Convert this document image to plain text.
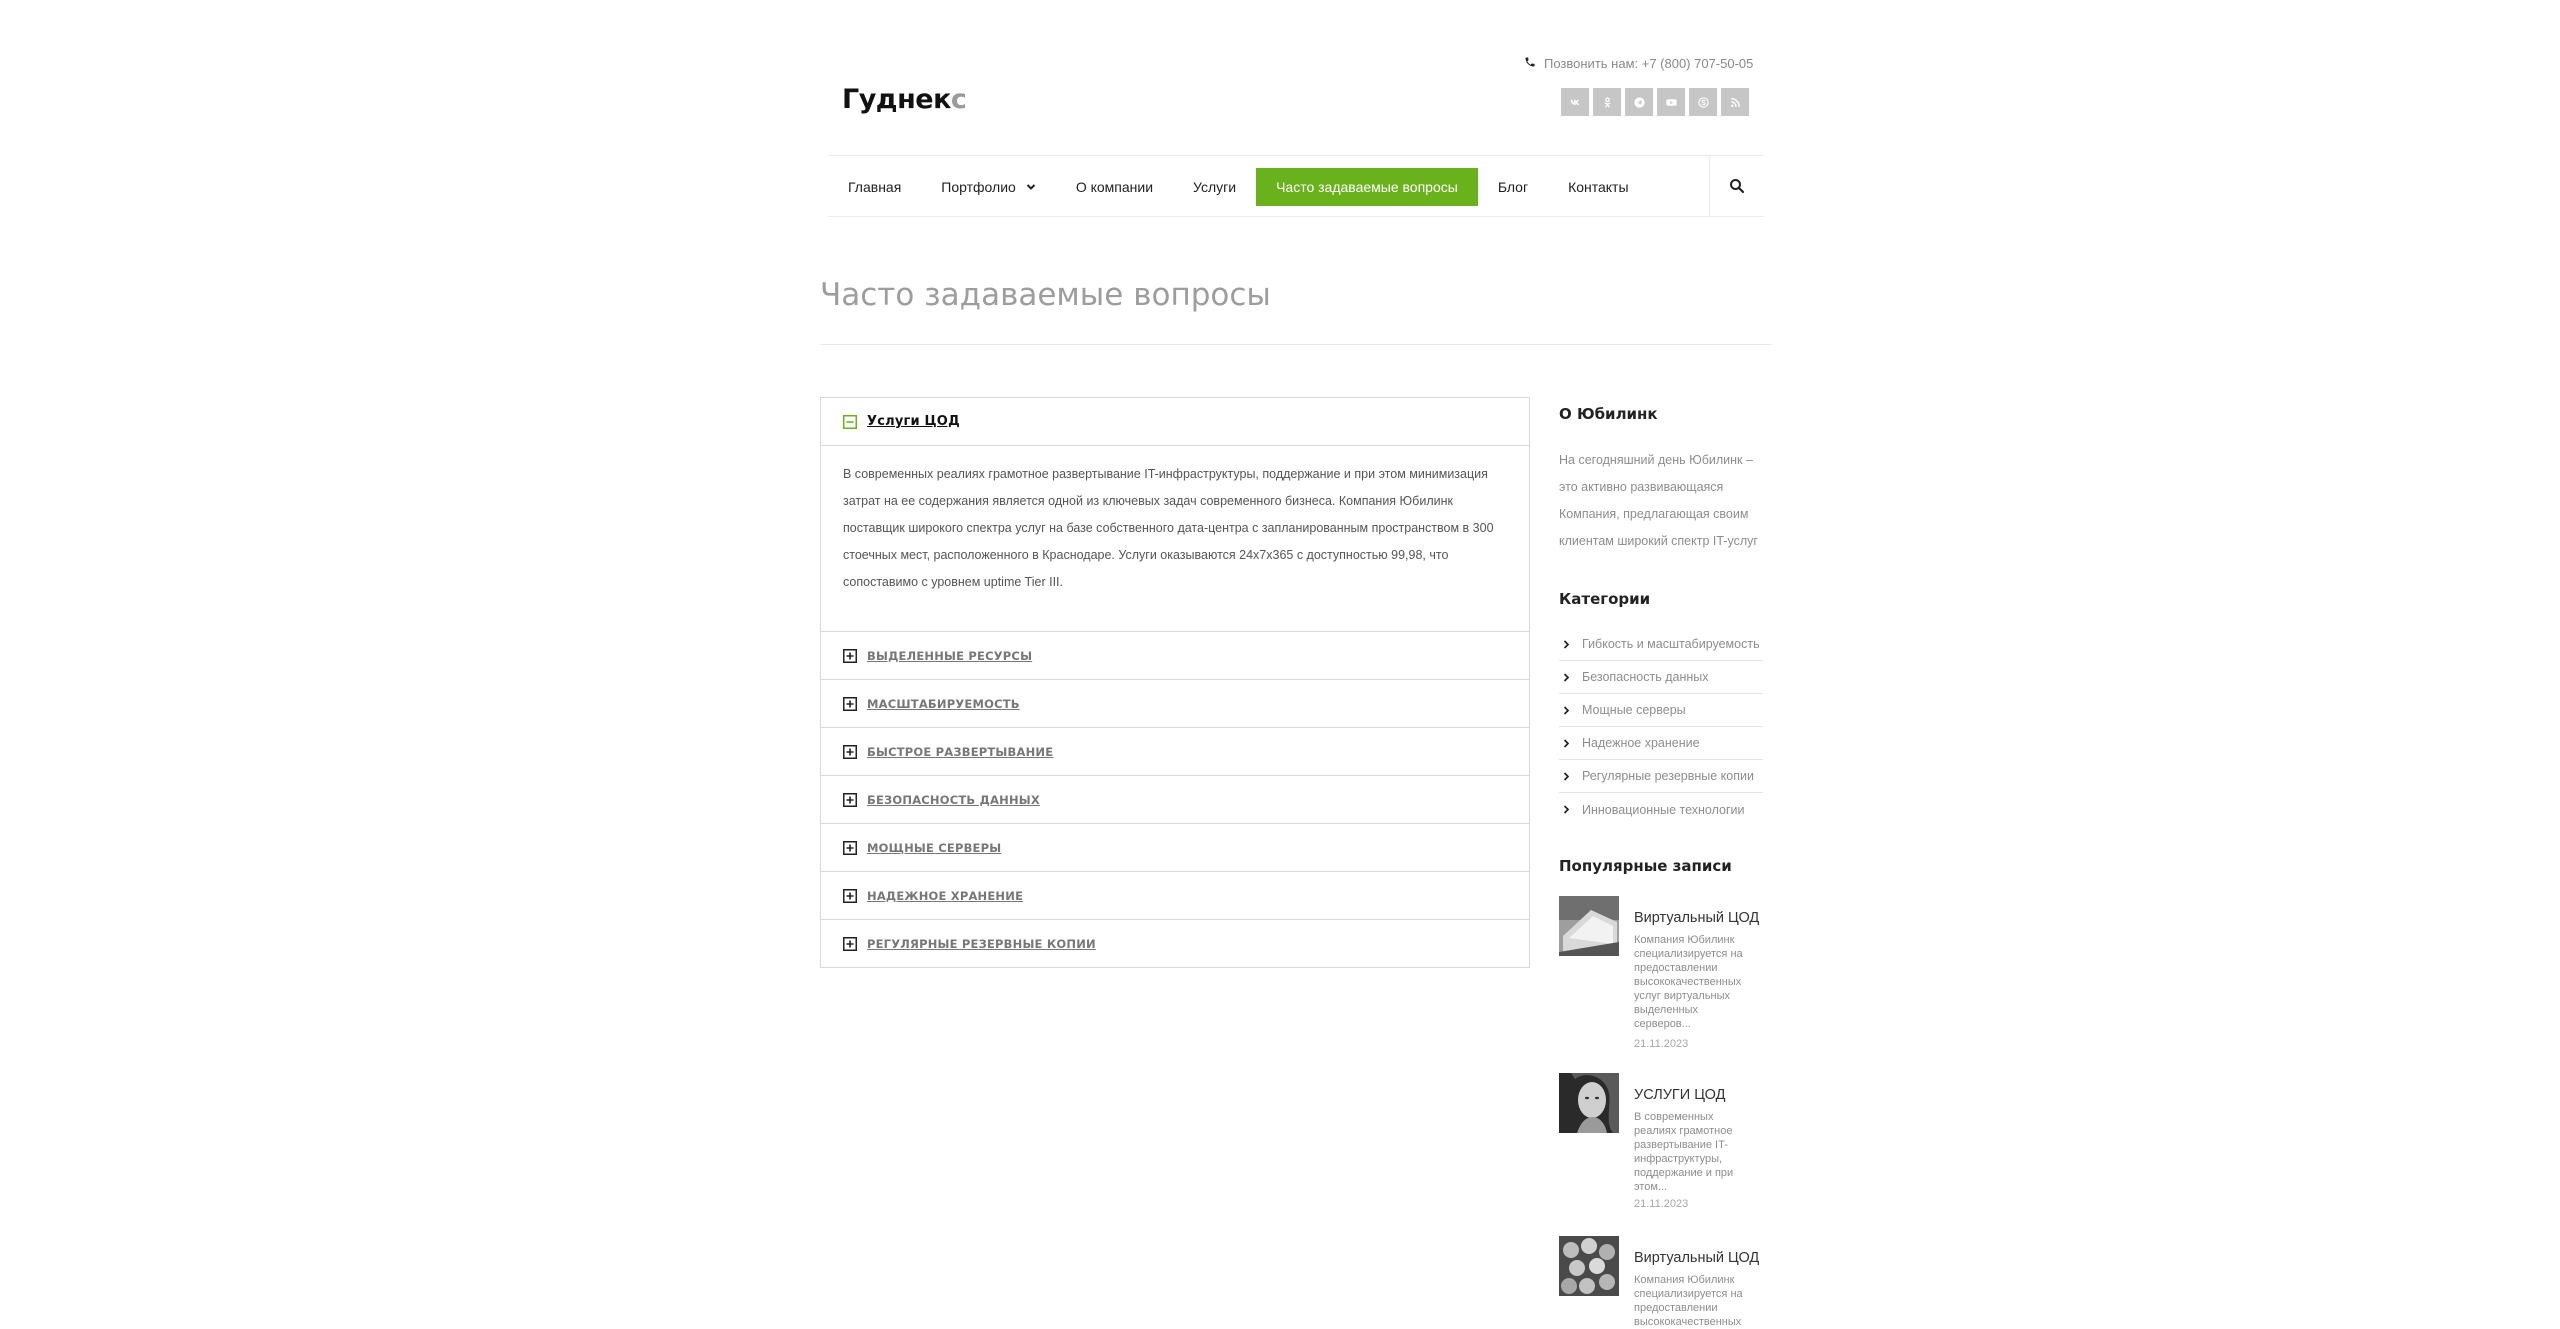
Гуднекс
Позвонить нам: +7 (800) 707-50-05
Главная	Портфолио	О компании	Услуги	Часто задаваемые вопросы	Блог	Контакты
Часто задаваемые вопросы
Услуги ЦОД
В современных реалиях грамотное развертывание IT-инфраструктуры, поддержание и при этом минимизация затрат на ее содержания является одной из ключевых задач современного бизнеса. Компания Юбилинк поставщик широкого спектра услуг на базе собственного дата-центра с запланированным пространством в 300 стоечных мест, расположенного в Краснодаре. Услуги оказываются 24x7x365 с доступностью 99,98, что сопоставимо с уровнем uptime Tier III.
ВЫДЕЛЕННЫЕ РЕСУРСЫ
МАСШТАБИРУЕМОСТЬ
БЫСТРОЕ РАЗВЕРТЫВАНИЕ
БЕЗОПАСНОСТЬ ДАННЫХ
МОЩНЫЕ СЕРВЕРЫ
НАДЕЖНОЕ ХРАНЕНИЕ
РЕГУЛЯРНЫЕ РЕЗЕРВНЫЕ КОПИИ
О Юбилинк

На сегодняшний день Юбилинк – это активно развивающаяся Компания, предлагающая своим клиентам широкий спектр IT-услуг

Категории
Гибкость и масштабируемость
Безопасность данных
Мощные серверы
Надежное хранение
Регулярные резервные копии
Инновационные технологии
Популярные записи
Виртуальный ЦОД
Компания Юбилинк специализируется на предоставлении высококачественных услуг виртуальных выделенных серверов...
21.11.2023
УСЛУГИ ЦОД
В современных реалиях грамотное развертывание IT-инфраструктуры, поддержание и при этом...
21.11.2023
Виртуальный ЦОД
Компания Юбилинк специализируется на предоставлении высококачественных
